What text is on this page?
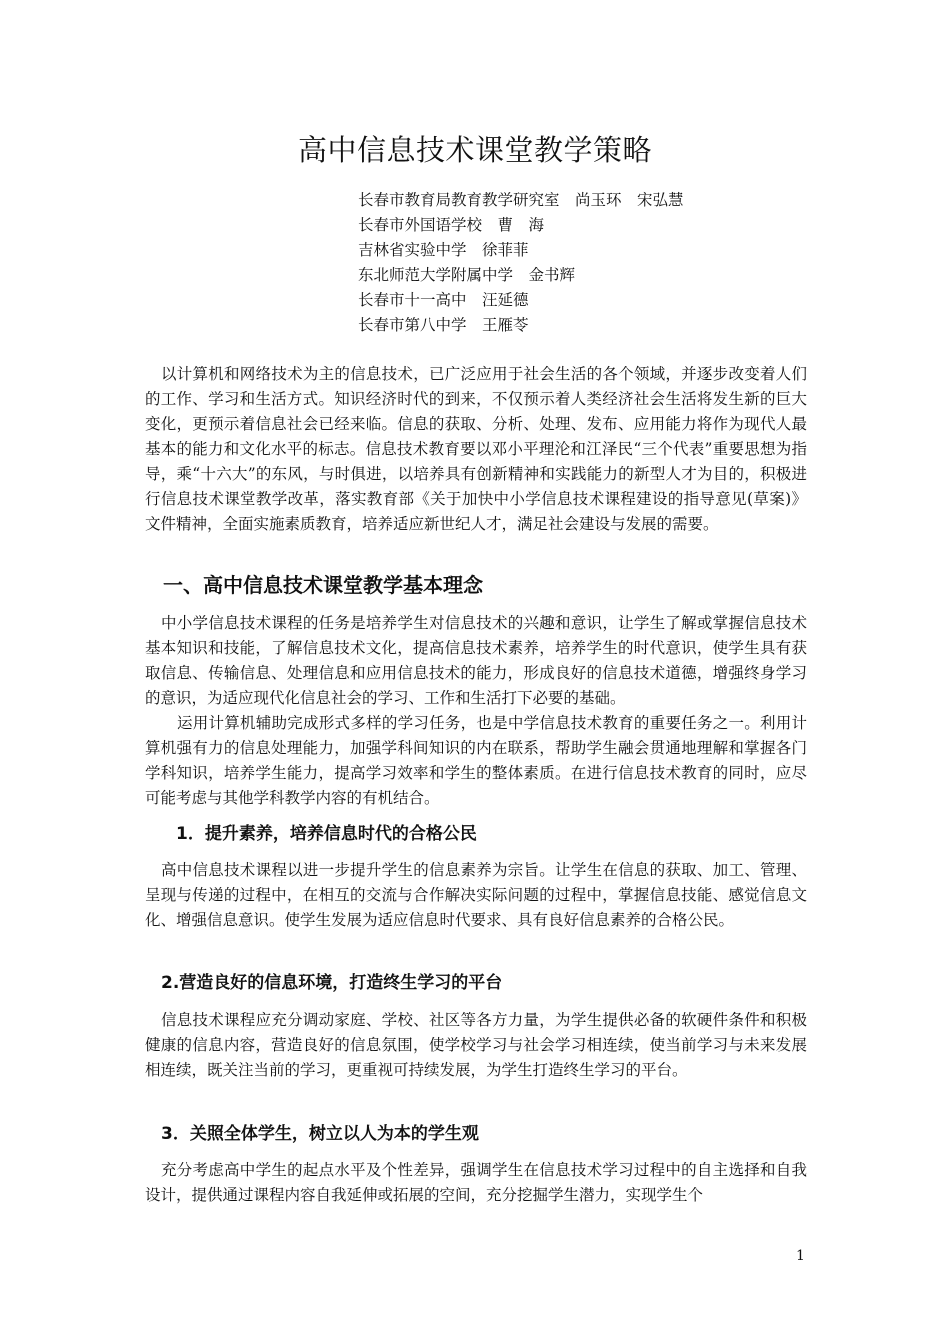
高中信息技术课堂教学策略
长春市教育局教育教学研究室　尚玉环　宋弘慧
长春市外国语学校　曹　海
吉林省实验中学　徐菲菲
东北师范大学附属中学　金书辉
长春市十一高中　汪延德
长春市第八中学　王雁苓

以计算机和网络技术为主的信息技术，已广泛应用于社会生活的各个领域，并逐步改变着人们的工作、学习和生活方式。知识经济时代的到来，不仅预示着人类经济社会生活将发生新的巨大变化，更预示着信息社会已经来临。信息的获取、分析、处理、发布、应用能力将作为现代人最基本的能力和文化水平的标志。信息技术教育要以邓小平理沦和江泽民“三个代表”重要思想为指导，乘“十六大”的东风，与时俱进，以培养具有创新精神和实践能力的新型人才为目的，积极进行信息技术课堂教学改革，落实教育部《关于加快中小学信息技术课程建设的指导意见(草案)》文件精神，全面实施素质教育，培养适应新世纪人才，满足社会建设与发展的需要。

一、高中信息技术课堂教学基本理念

中小学信息技术课程的任务是培养学生对信息技术的兴趣和意识，让学生了解或掌握信息技术基本知识和技能，了解信息技术文化，提高信息技术素养，培养学生的时代意识，使学生具有获取信息、传输信息、处理信息和应用信息技术的能力，形成良好的信息技术道德，增强终身学习的意识，为适应现代化信息社会的学习、工作和生活打下必要的基础。

运用计算机辅助完成形式多样的学习任务，也是中学信息技术教育的重要任务之一。利用计算机强有力的信息处理能力，加强学科间知识的内在联系，帮助学生融会贯通地理解和掌握各门学科知识，培养学生能力，提高学习效率和学生的整体素质。在进行信息技术教育的同时，应尽可能考虑与其他学科教学内容的有机结合。

1．提升素养，培养信息时代的合格公民

高中信息技术课程以进一步提升学生的信息素养为宗旨。让学生在信息的获取、加工、管理、呈现与传递的过程中，在相互的交流与合作解决实际问题的过程中，掌握信息技能、感觉信息文化、增强信息意识。使学生发展为适应信息时代要求、具有良好信息素养的合格公民。

2.营造良好的信息环境，打造终生学习的平台

信息技术课程应充分调动家庭、学校、社区等各方力量，为学生提供必备的软硬件条件和积极健康的信息内容，营造良好的信息氛围，使学校学习与社会学习相连续，使当前学习与未来发展相连续，既关注当前的学习，更重视可持续发展，为学生打造终生学习的平台。

3．关照全体学生，树立以人为本的学生观

充分考虑高中学生的起点水平及个性差异，强调学生在信息技术学习过程中的自主选择和自我设计，提供通过课程内容自我延伸或拓展的空间，充分挖掘学生潜力，实现学生个

1
